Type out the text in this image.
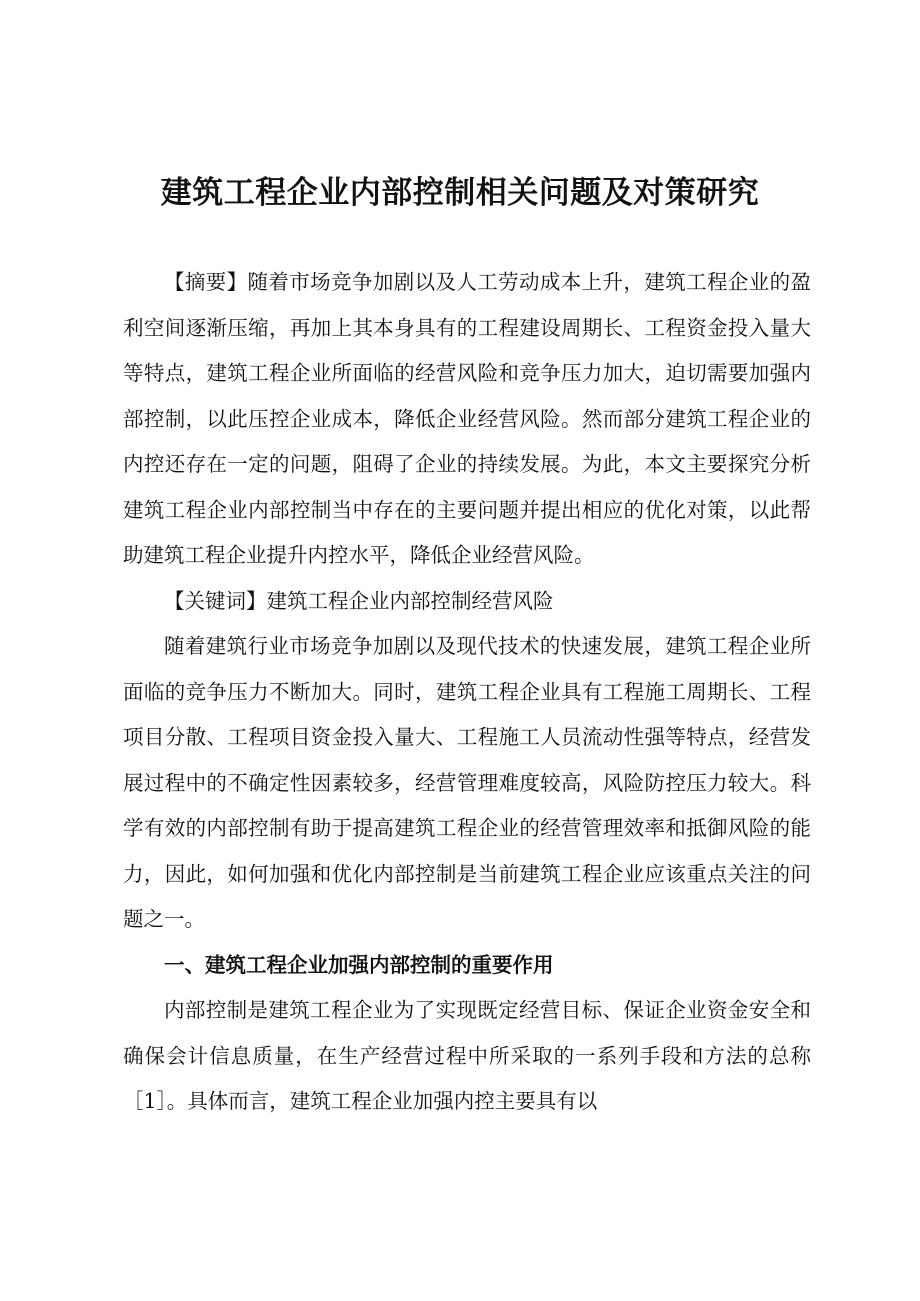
建筑工程企业内部控制相关问题及对策研究

【摘要】随着市场竞争加剧以及人工劳动成本上升，建筑工程企业的盈利空间逐渐压缩，再加上其本身具有的工程建设周期长、工程资金投入量大等特点，建筑工程企业所面临的经营风险和竞争压力加大，迫切需要加强内部控制，以此压控企业成本，降低企业经营风险。然而部分建筑工程企业的内控还存在一定的问题，阻碍了企业的持续发展。为此，本文主要探究分析建筑工程企业内部控制当中存在的主要问题并提出相应的优化对策，以此帮助建筑工程企业提升内控水平，降低企业经营风险。

【关键词】建筑工程企业内部控制经营风险

随着建筑行业市场竞争加剧以及现代技术的快速发展，建筑工程企业所面临的竞争压力不断加大。同时，建筑工程企业具有工程施工周期长、工程项目分散、工程项目资金投入量大、工程施工人员流动性强等特点，经营发展过程中的不确定性因素较多，经营管理难度较高，风险防控压力较大。科学有效的内部控制有助于提高建筑工程企业的经营管理效率和抵御风险的能力，因此，如何加强和优化内部控制是当前建筑工程企业应该重点关注的问题之一。

一、建筑工程企业加强内部控制的重要作用

内部控制是建筑工程企业为了实现既定经营目标、保证企业资金安全和确保会计信息质量，在生产经营过程中所采取的一系列手段和方法的总称［1］。具体而言，建筑工程企业加强内控主要具有以
